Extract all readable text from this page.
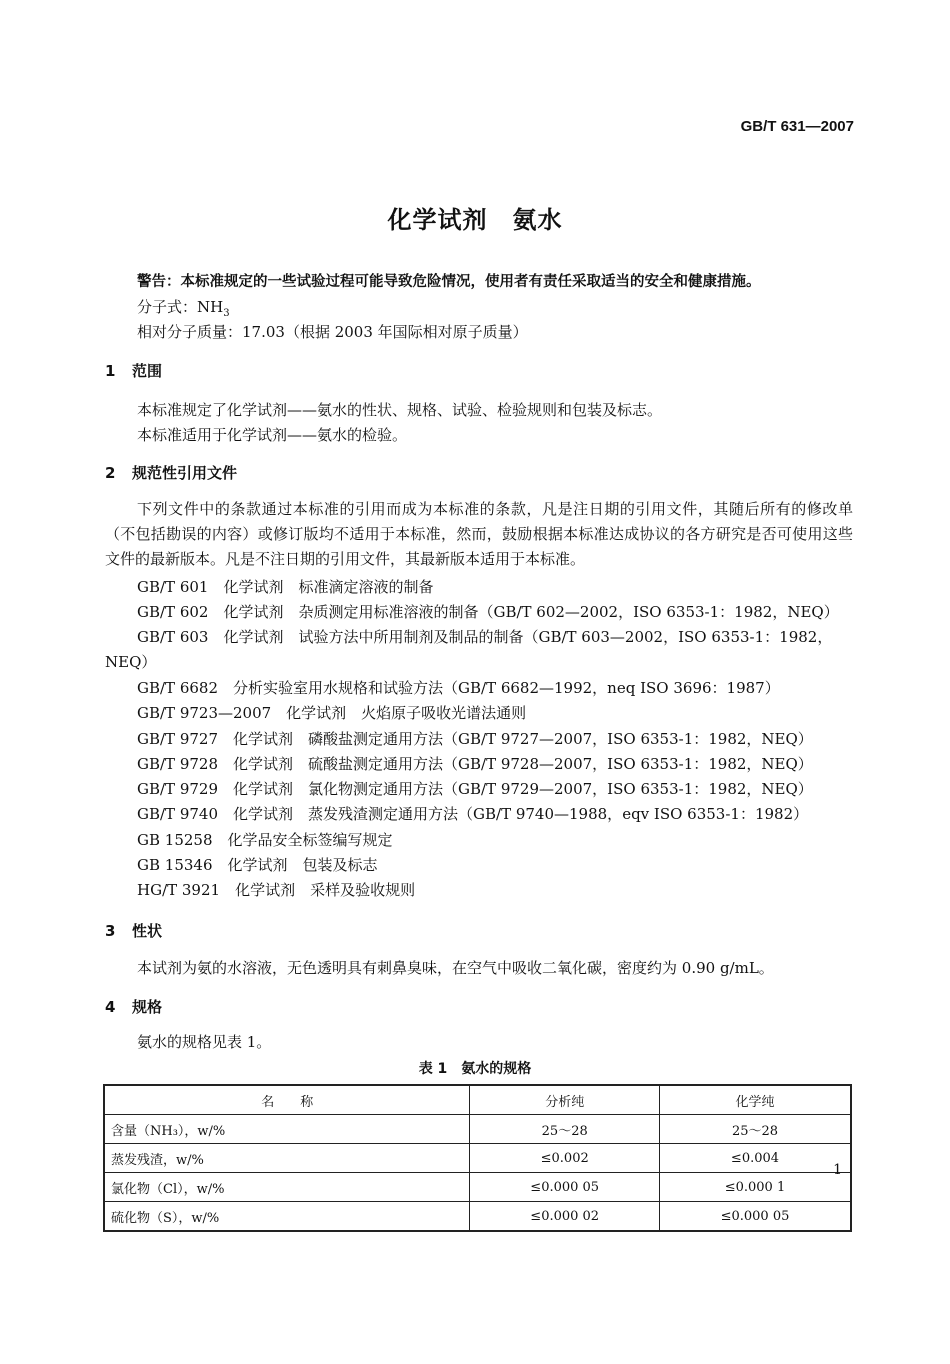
GB/T 631—2007
化学试剂　氨水
警告：本标准规定的一些试验过程可能导致危险情况，使用者有责任采取适当的安全和健康措施。
分子式：$NH_3$
相对分子质量：17.03（根据 2003 年国际相对原子质量）
1 范围
本标准规定了化学试剂——氨水的性状、规格、试验、检验规则和包装及标志。
本标准适用于化学试剂——氨水的检验。
2 规范性引用文件
下列文件中的条款通过本标准的引用而成为本标准的条款，凡是注日期的引用文件，其随后所有的修改单（不包括勘误的内容）或修订版均不适用于本标准，然而，鼓励根据本标准达成协议的各方研究是否可使用这些文件的最新版本。凡是不注日期的引用文件，其最新版本适用于本标准。
GB/T 601　化学试剂　标准滴定溶液的制备
GB/T 602　化学试剂　杂质测定用标准溶液的制备（GB/T 602—2002，ISO 6353-1：1982，NEQ）
GB/T 603　化学试剂　试验方法中所用制剂及制品的制备（GB/T 603—2002，ISO 6353-1：1982，
NEQ）
GB/T 6682　分析实验室用水规格和试验方法（GB/T 6682—1992，neq ISO 3696：1987）
GB/T 9723—2007　化学试剂　火焰原子吸收光谱法通则
GB/T 9727　化学试剂　磷酸盐测定通用方法（GB/T 9727—2007，ISO 6353-1：1982，NEQ）
GB/T 9728　化学试剂　硫酸盐测定通用方法（GB/T 9728—2007，ISO 6353-1：1982，NEQ）
GB/T 9729　化学试剂　氯化物测定通用方法（GB/T 9729—2007，ISO 6353-1：1982，NEQ）
GB/T 9740　化学试剂　蒸发残渣测定通用方法（GB/T 9740—1988，eqv ISO 6353-1：1982）
GB 15258　化学品安全标签编写规定
GB 15346　化学试剂　包装及标志
HG/T 3921　化学试剂　采样及验收规则
3 性状
本试剂为氨的水溶液，无色透明具有刺鼻臭味，在空气中吸收二氧化碳，密度约为 0.90 g/mL。
4 规格
氨水的规格见表 1。
表 1　氨水的规格
名　　称	分析纯	化学纯
含量（NH₃），w/%	25～28	25～28
蒸发残渣，w/%	≤0.002	≤0.004
氯化物（Cl），w/%	≤0.000 05	≤0.000 1
硫化物（S），w/%	≤0.000 02	≤0.000 05
1
